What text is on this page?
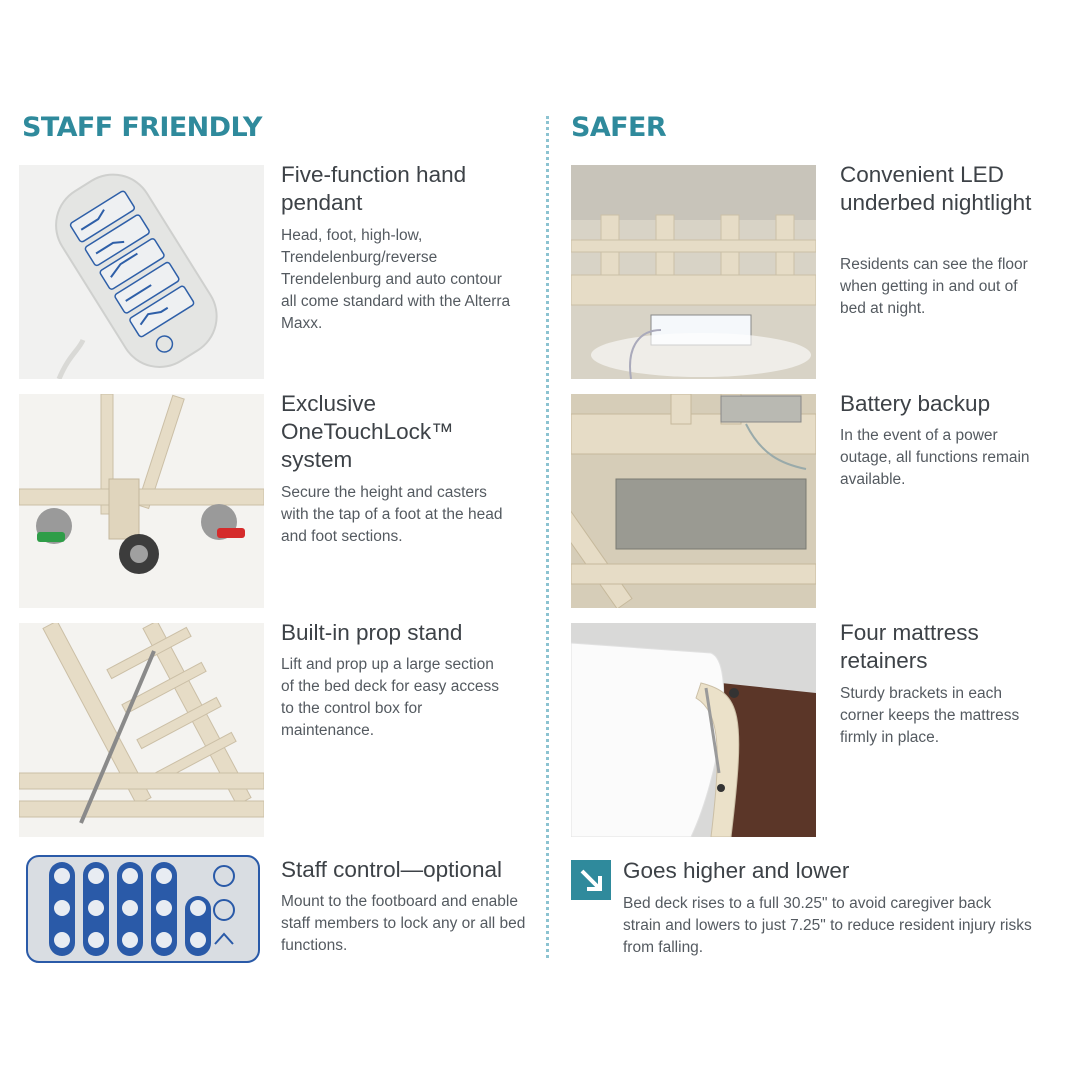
STAFF FRIENDLY	SAFER
Five-function hand pendant

Head, foot, high-low, Trendelenburg/reverse Trendelenburg and auto contour all come standard with the Alterra Maxx.

Exclusive OneTouchLock™ system

Secure the height and casters with the tap of a foot at the head and foot sections.

Built-in prop stand

Lift and prop up a large section of the bed deck for easy access to the control box for maintenance.

Staff control—optional

Mount to the footboard and enable staff members to lock any or all bed functions.

Convenient LED underbed nightlight

Residents can see the floor when getting in and out of bed at night.

Battery backup

In the event of a power outage, all functions remain available.

Four mattress retainers

Sturdy brackets in each corner keeps the mattress firmly in place.

Goes higher and lower

Bed deck rises to a full 30.25" to avoid caregiver back strain and lowers to just 7.25" to reduce resident injury risks from falling.
